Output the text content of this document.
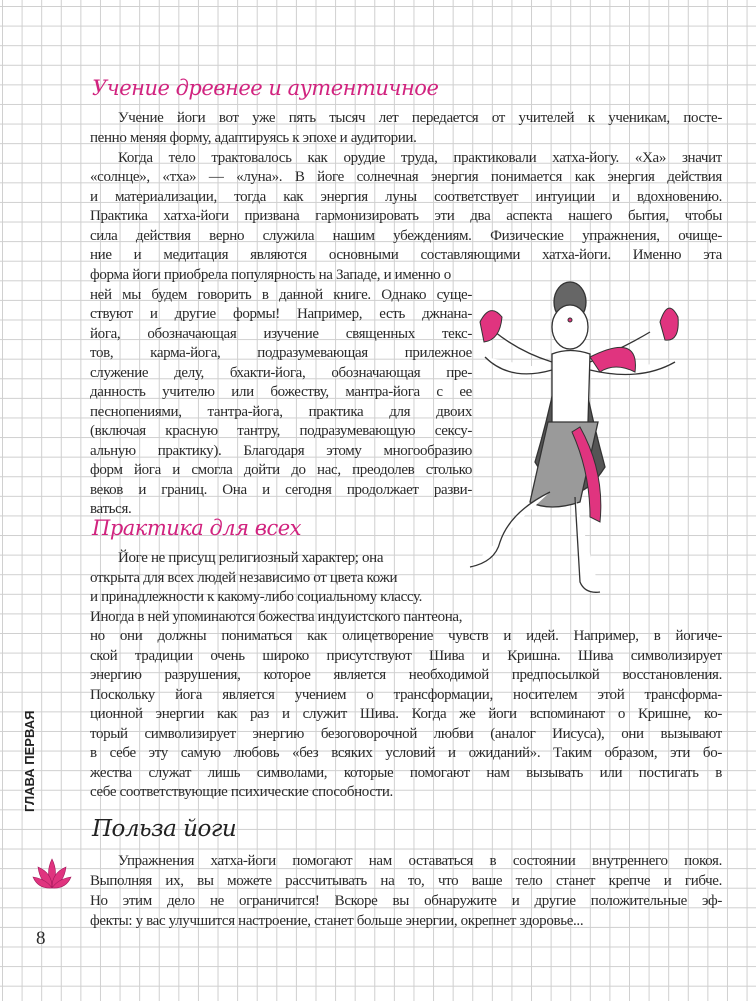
Учение древнее и аутентичное
Учение йоги вот уже пять тысяч лет передается от учителей к ученикам, посте-
пенно меняя форму, адаптируясь к эпохе и аудитории.
Когда тело трактовалось как орудие труда, практиковали хатха-йогу. «Ха» значит
«солнце», «тха» — «луна». В йоге солнечная энергия понимается как энергия действия
и материализации, тогда как энергия луны соответствует интуиции и вдохновению.
Практика хатха-йоги призвана гармонизировать эти два аспекта нашего бытия, чтобы
сила действия верно служила нашим убеждениям. Физические упражнения, очище-
ние и медитация являются основными составляющими хатха-йоги. Именно эта
форма йоги приобрела популярность на Западе, и именно о
ней мы будем говорить в данной книге. Однако суще-
ствуют и другие формы! Например, есть джнана-
йога, обозначающая изучение священных текс-
тов, карма-йога, подразумевающая прилежное
служение делу, бхакти-йога, обозначающая пре-
данность учителю или божеству, мантра-йога с ее
песнопениями, тантра-йога, практика для двоих
(включая красную тантру, подразумевающую сексу-
альную практику). Благодаря этому многообразию
форм йога и смогла дойти до нас, преодолев столько
веков и границ. Она и сегодня продолжает разви-
ваться.
Практика для всех
Йоге не присущ религиозный характер; она
открыта для всех людей независимо от цвета кожи
и принадлежности к какому-либо социальному классу.
Иногда в ней упоминаются божества индуистского пантеона,
но они должны пониматься как олицетворение чувств и идей. Например, в йогиче-
ской традиции очень широко присутствуют Шива и Кришна. Шива символизирует
энергию разрушения, которое является необходимой предпосылкой восстановления.
Поскольку йога является учением о трансформации, носителем этой трансформа-
ционной энергии как раз и служит Шива. Когда же йоги вспоминают о Кришне, ко-
торый символизирует энергию безоговорочной любви (аналог Иисуса), они вызывают
в себе эту самую любовь «без всяких условий и ожиданий». Таким образом, эти бо-
жества служат лишь символами, которые помогают нам вызывать или постигать в
себе соответствующие психические способности.
Польза йоги
Упражнения хатха-йоги помогают нам оставаться в состоянии внутреннего покоя.
Выполняя их, вы можете рассчитывать на то, что ваше тело станет крепче и гибче.
Но этим дело не ограничится! Вскоре вы обнаружите и другие положительные эф-
фекты: у вас улучшится настроение, станет больше энергии, окрепнет здоровье...
ГЛАВА ПЕРВАЯ
8
